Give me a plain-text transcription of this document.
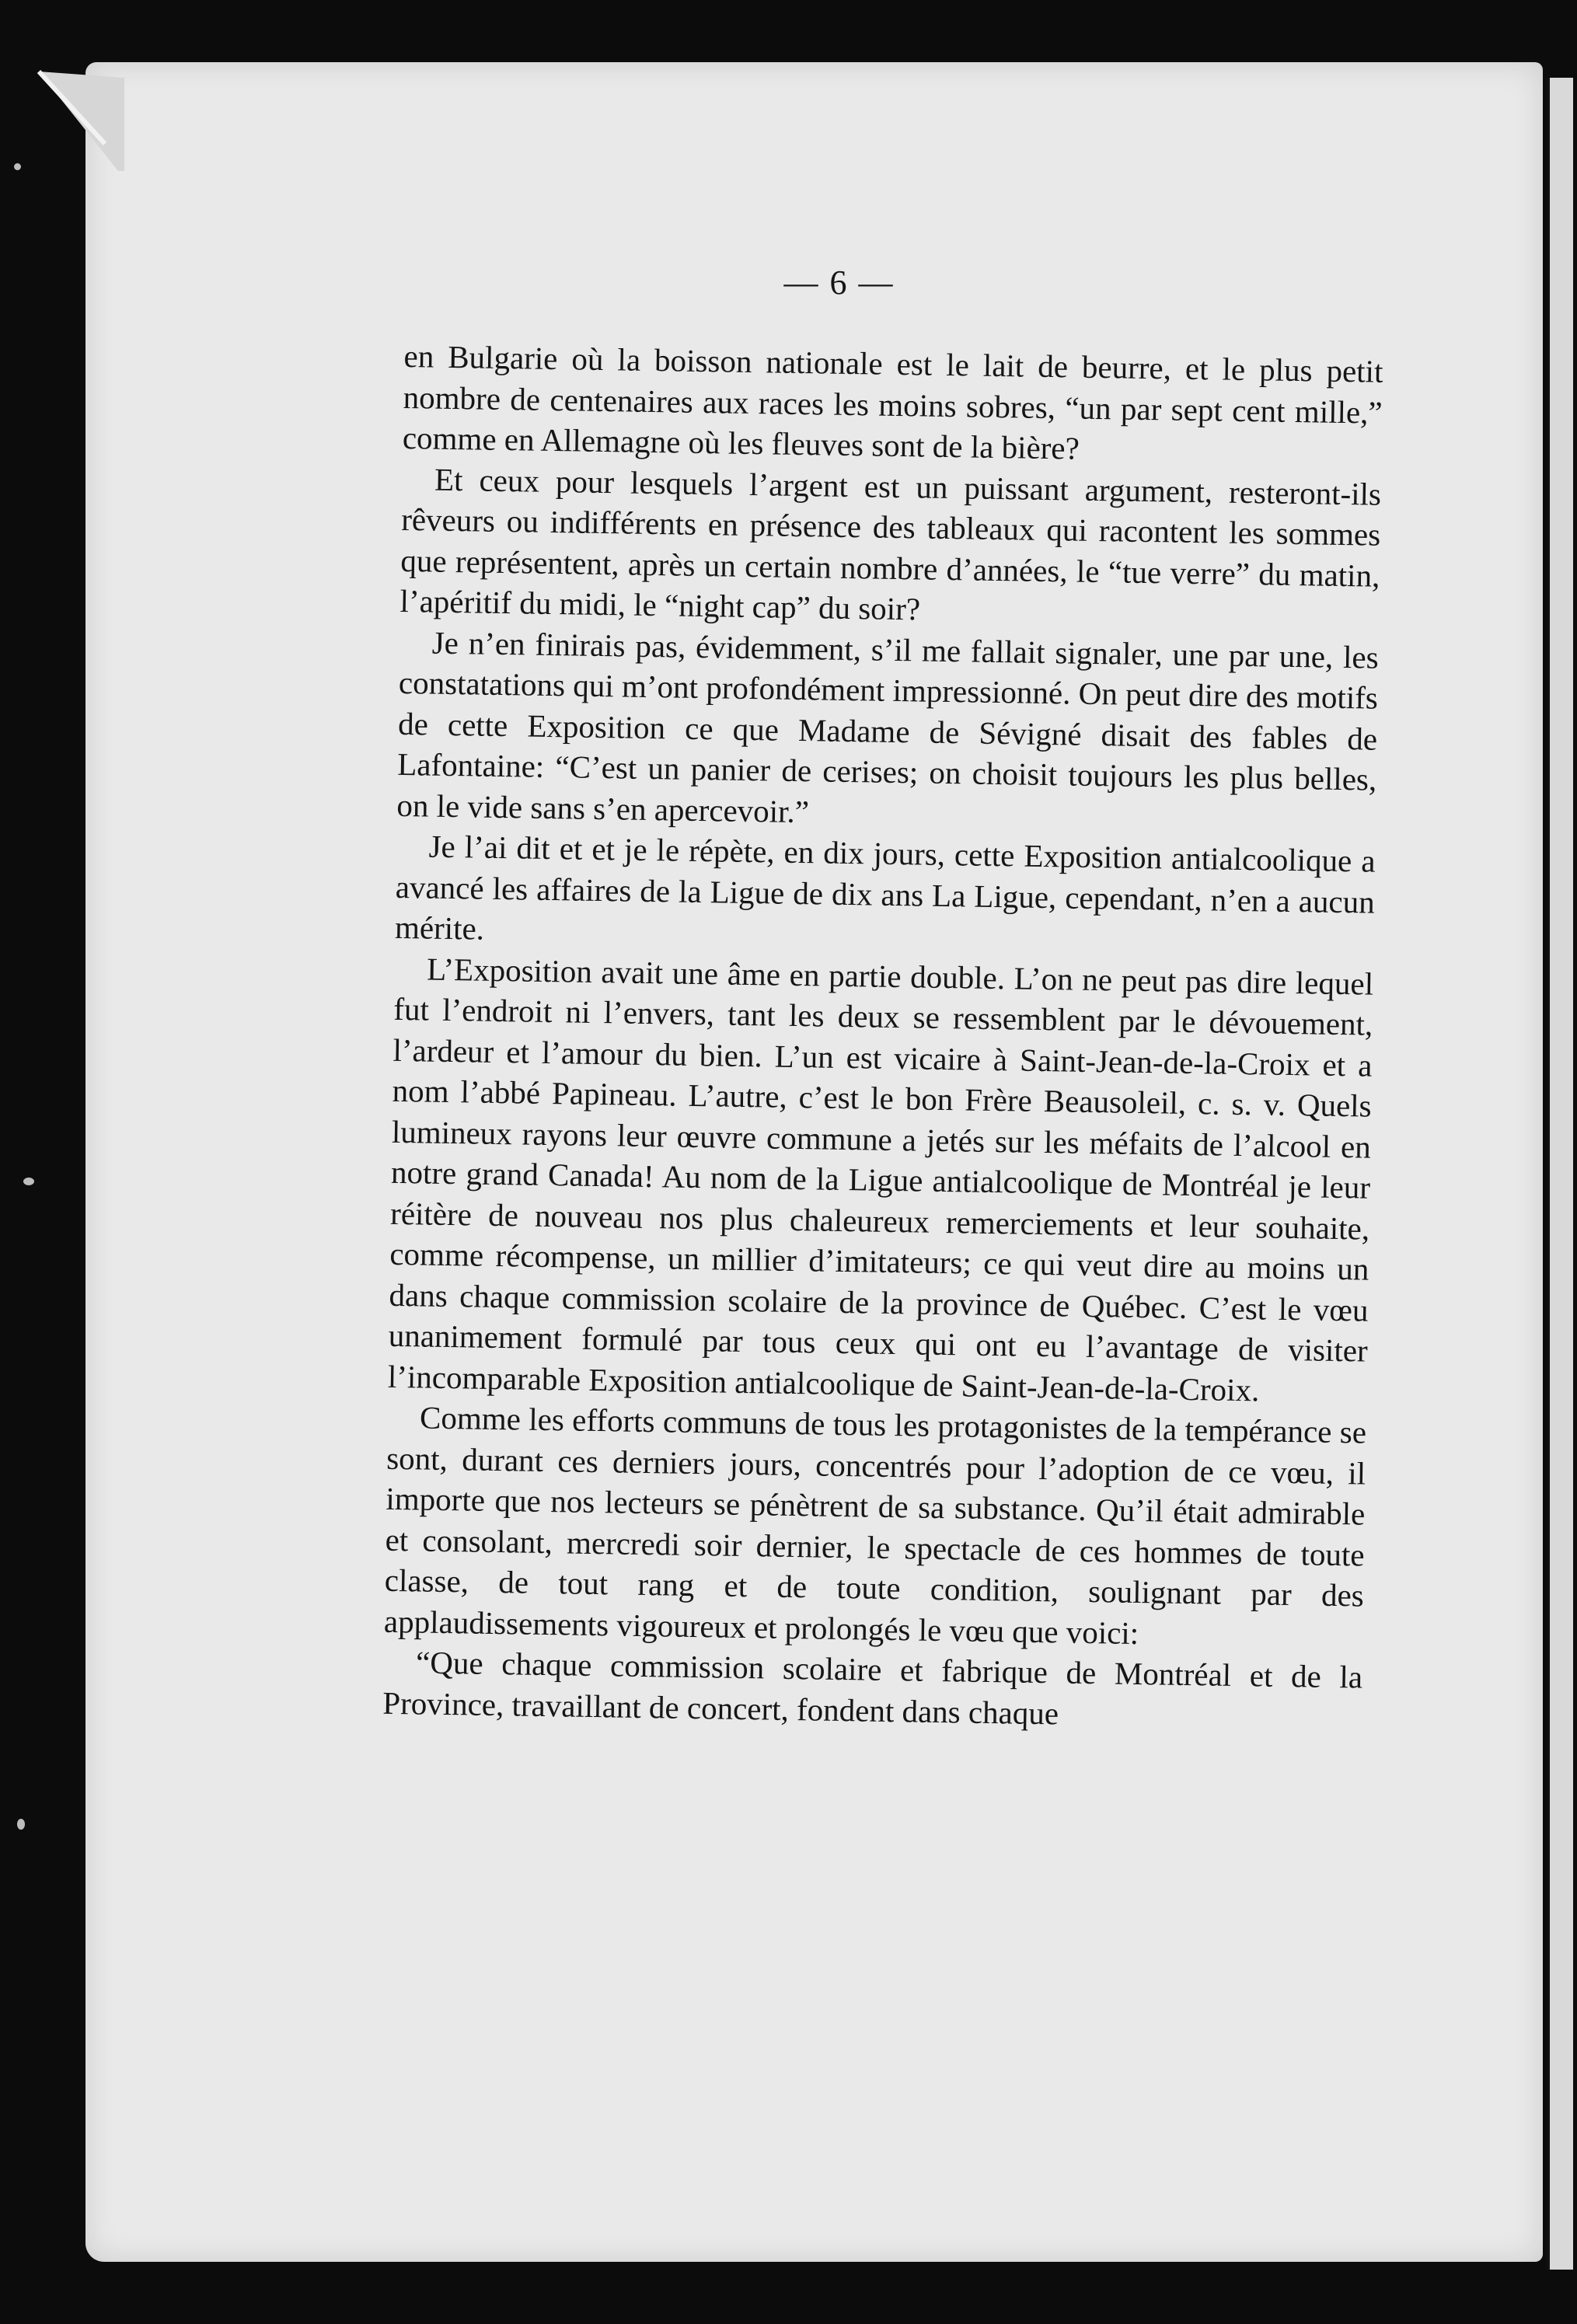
— 6 —

en Bulgarie où la boisson nationale est le lait de beurre, et le plus petit nombre de centenaires aux races les moins sobres, “un par sept cent mille,” comme en Allemagne où les fleuves sont de la bière?

Et ceux pour lesquels l’argent est un puissant argument, resteront-ils rêveurs ou indifférents en présence des tableaux qui racontent les sommes que représentent, après un certain nombre d’années, le “tue verre” du matin, l’apéritif du midi, le “night cap” du soir?

Je n’en finirais pas, évidemment, s’il me fallait signaler, une par une, les constatations qui m’ont profondément impressionné. On peut dire des motifs de cette Exposition ce que Madame de Sévigné disait des fables de Lafontaine: “C’est un panier de cerises; on choisit toujours les plus belles, on le vide sans s’en apercevoir.”

Je l’ai dit et et je le répète, en dix jours, cette Exposition antialcoolique a avancé les affaires de la Ligue de dix ans La Ligue, cependant, n’en a aucun mérite.

L’Exposition avait une âme en partie double. L’on ne peut pas dire lequel fut l’endroit ni l’envers, tant les deux se ressemblent par le dévouement, l’ardeur et l’amour du bien. L’un est vicaire à Saint-Jean-de-la-Croix et a nom l’abbé Papineau. L’autre, c’est le bon Frère Beausoleil, c. s. v. Quels lumineux rayons leur œuvre commune a jetés sur les méfaits de l’alcool en notre grand Canada! Au nom de la Ligue antialcoolique de Montréal je leur réitère de nouveau nos plus chaleureux remerciements et leur souhaite, comme récompense, un millier d’imitateurs; ce qui veut dire au moins un dans chaque commission scolaire de la province de Québec. C’est le vœu unanimement formulé par tous ceux qui ont eu l’avantage de visiter l’incomparable Exposition antialcoolique de Saint-Jean-de-la-Croix.

Comme les efforts communs de tous les protagonistes de la tempérance se sont, durant ces derniers jours, concentrés pour l’adoption de ce vœu, il importe que nos lecteurs se pénètrent de sa substance. Qu’il était admirable et consolant, mercredi soir dernier, le spectacle de ces hommes de toute classe, de tout rang et de toute condition, soulignant par des applaudissements vigoureux et prolongés le vœu que voici:

“Que chaque commission scolaire et fabrique de Montréal et de la Province, travaillant de concert, fondent dans chaque
